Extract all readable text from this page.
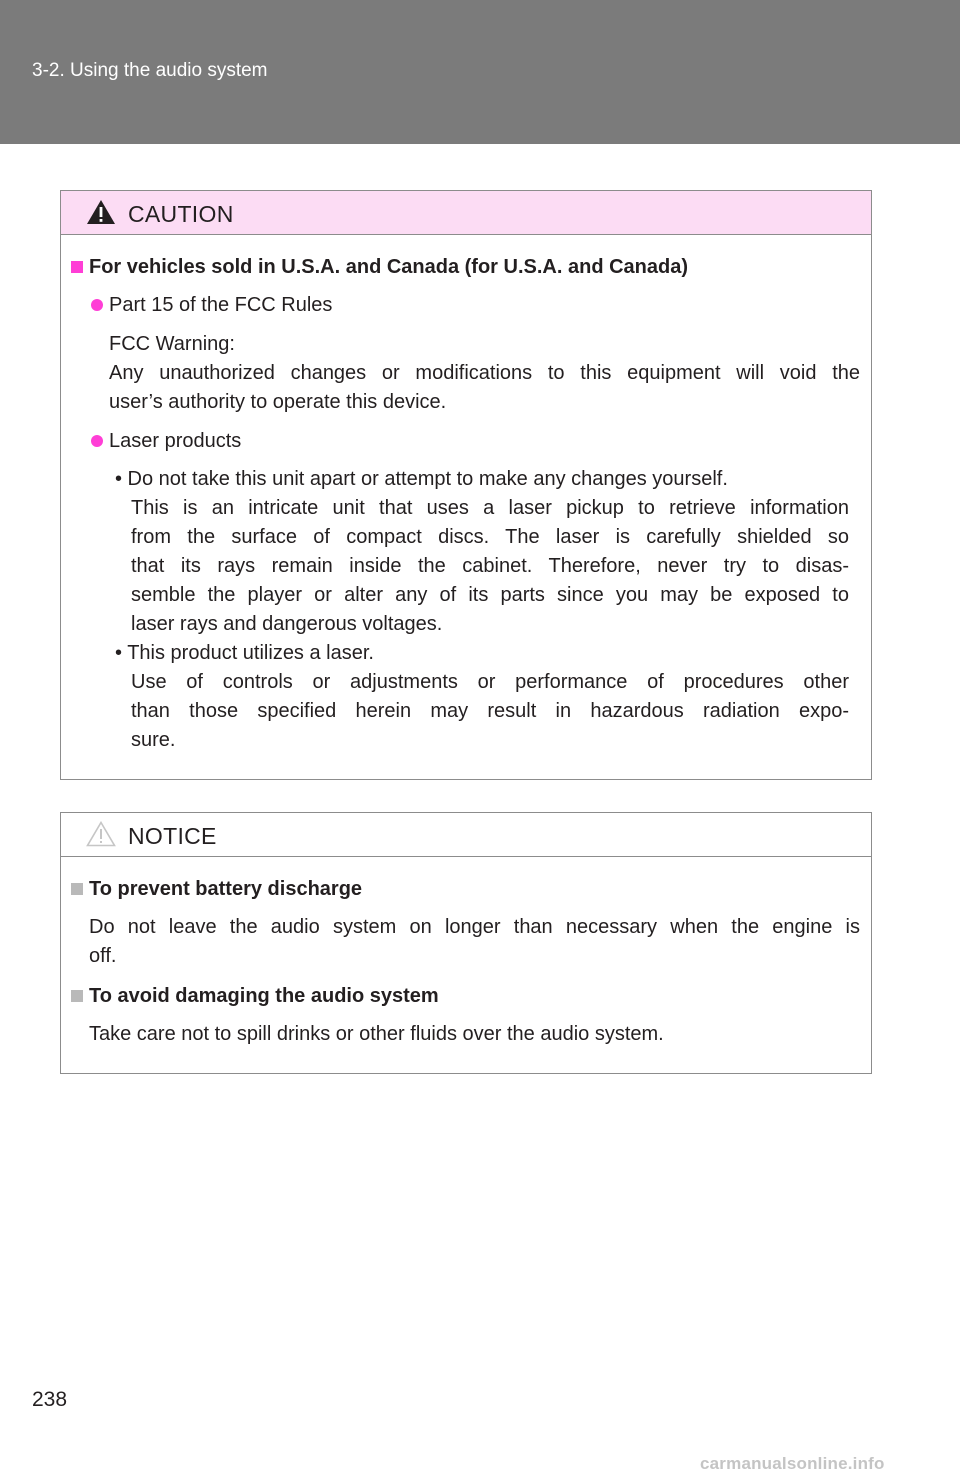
3-2. Using the audio system
CAUTION
For vehicles sold in U.S.A. and Canada (for U.S.A. and Canada)
Part 15 of the FCC Rules
FCC Warning:
Any unauthorized changes or modifications to this equipment will void the
user’s authority to operate this device.
Laser products
• Do not take this unit apart or attempt to make any changes yourself.
This is an intricate unit that uses a laser pickup to retrieve information
from the surface of compact discs. The laser is carefully shielded so
that its rays remain inside the cabinet. Therefore, never try to disas-
semble the player or alter any of its parts since you may be exposed to
laser rays and dangerous voltages.
• This product utilizes a laser.
Use of controls or adjustments or performance of procedures other
than those specified herein may result in hazardous radiation expo-
sure.
NOTICE
To prevent battery discharge
Do not leave the audio system on longer than necessary when the engine is
off.
To avoid damaging the audio system
Take care not to spill drinks or other fluids over the audio system.
238
carmanualsonline.info
